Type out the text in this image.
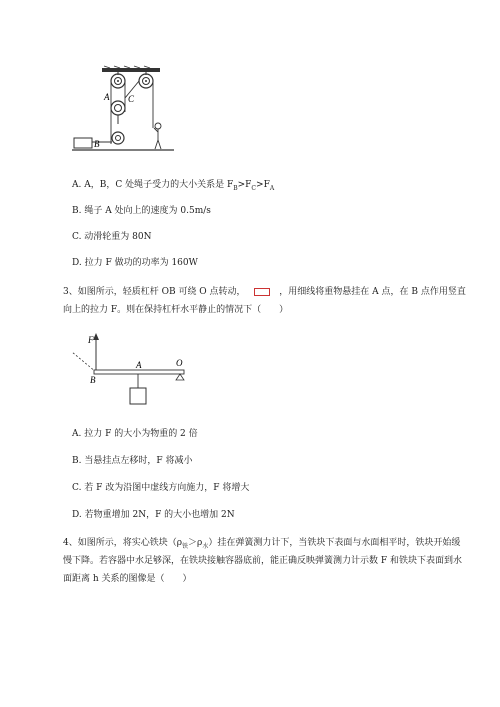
A C
B
A. A，B，C 处绳子受力的大小关系是 $F_B>F_C>F_A$
B. 绳子 A 处向上的速度为 0.5m/s
C. 动滑轮重为 80N
D. 拉力 F 做功的功率为 160W
3、如图所示，轻质杠杆 OB 可绕 O 点转动，	，用细线将重物悬挂在 A 点，在 B 点作用竖直
向上的拉力 F。则在保持杠杆水平静止的情况下（　　）
F
B
A	O
A. 拉力 F 的大小为物重的 2 倍
B. 当悬挂点左移时，F 将减小
C. 若 F 改为沿图中虚线方向施力，F 将增大
D. 若物重增加 2N，F 的大小也增加 2N
4、如图所示，将实心铁块$(\rho_铁>\rho_水)$挂在弹簧测力计下，当铁块下表面与水面相平时，铁块开始缓
慢下降。若容器中水足够深，在铁块接触容器底前，能正确反映弹簧测力计示数 F 和铁块下表面到水
面距离 h 关系的图像是（　　）
